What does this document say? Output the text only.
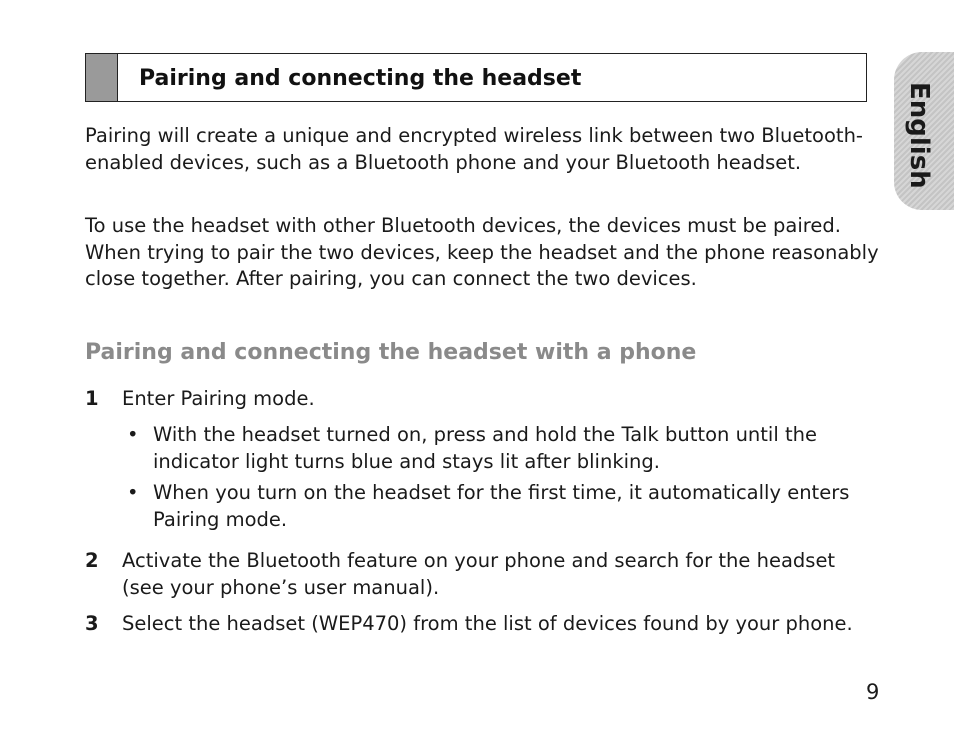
Pairing and connecting the headset
English

Pairing will create a unique and encrypted wireless link between two Bluetooth-enabled devices, such as a Bluetooth phone and your Bluetooth headset.

To use the headset with other Bluetooth devices, the devices must be paired. When trying to pair the two devices, keep the headset and the phone reasonably close together. After pairing, you can connect the two devices.

Pairing and connecting the headset with a phone
1 Enter Pairing mode.
• With the headset turned on, press and hold the Talk button until the indicator light turns blue and stays lit after blinking.
• When you turn on the headset for the first time, it automatically enters Pairing mode.
2 Activate the Bluetooth feature on your phone and search for the headset (see your phone’s user manual).
3 Select the headset (WEP470) from the list of devices found by your phone.
9
